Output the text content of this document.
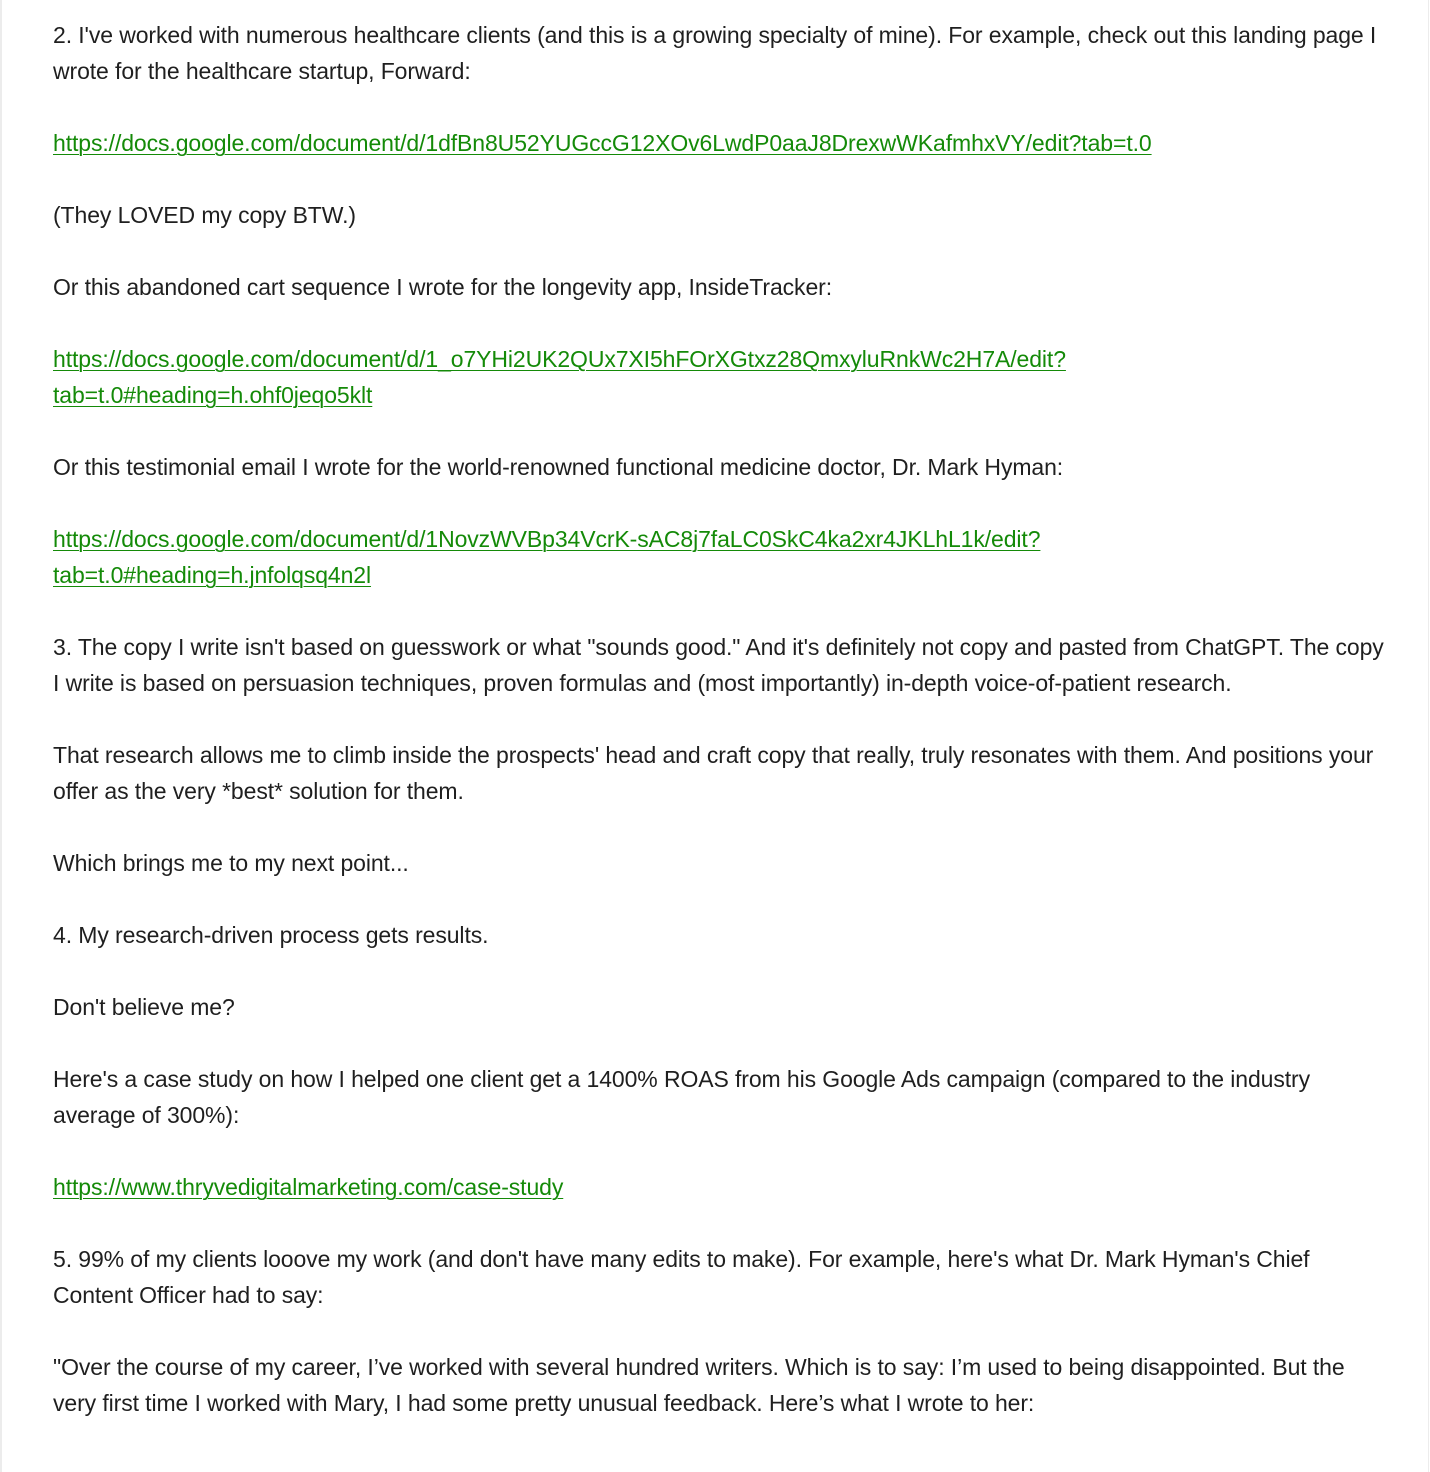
2. I've worked with numerous healthcare clients (and this is a growing specialty of mine). For example, check out this landing page I wrote for the healthcare startup, Forward:

https://docs.google.com/document/d/1dfBn8U52YUGccG12XOv6LwdP0aaJ8DrexwWKafmhxVY/edit?tab=t.0

(They LOVED my copy BTW.)

Or this abandoned cart sequence I wrote for the longevity app, InsideTracker:

https://docs.google.com/document/d/1_o7YHi2UK2QUx7XI5hFOrXGtxz28QmxyluRnkWc2H7A/edit?
tab=t.0#heading=h.ohf0jeqo5klt

Or this testimonial email I wrote for the world-renowned functional medicine doctor, Dr. Mark Hyman:

https://docs.google.com/document/d/1NovzWVBp34VcrK-sAC8j7faLC0SkC4ka2xr4JKLhL1k/edit?
tab=t.0#heading=h.jnfolqsq4n2l

3. The copy I write isn't based on guesswork or what "sounds good." And it's definitely not copy and pasted from ChatGPT. The copy I write is based on persuasion techniques, proven formulas and (most importantly) in-depth voice-of-patient research.

That research allows me to climb inside the prospects' head and craft copy that really, truly resonates with them. And positions your offer as the very *best* solution for them.

Which brings me to my next point...

4. My research-driven process gets results.

Don't believe me?

Here's a case study on how I helped one client get a 1400% ROAS from his Google Ads campaign (compared to the industry average of 300%):

https://www.thryvedigitalmarketing.com/case-study

5. 99% of my clients looove my work (and don't have many edits to make). For example, here's what Dr. Mark Hyman's Chief Content Officer had to say:

"Over the course of my career, I’ve worked with several hundred writers. Which is to say: I’m used to being disappointed. But the very first time I worked with Mary, I had some pretty unusual feedback. Here’s what I wrote to her:
